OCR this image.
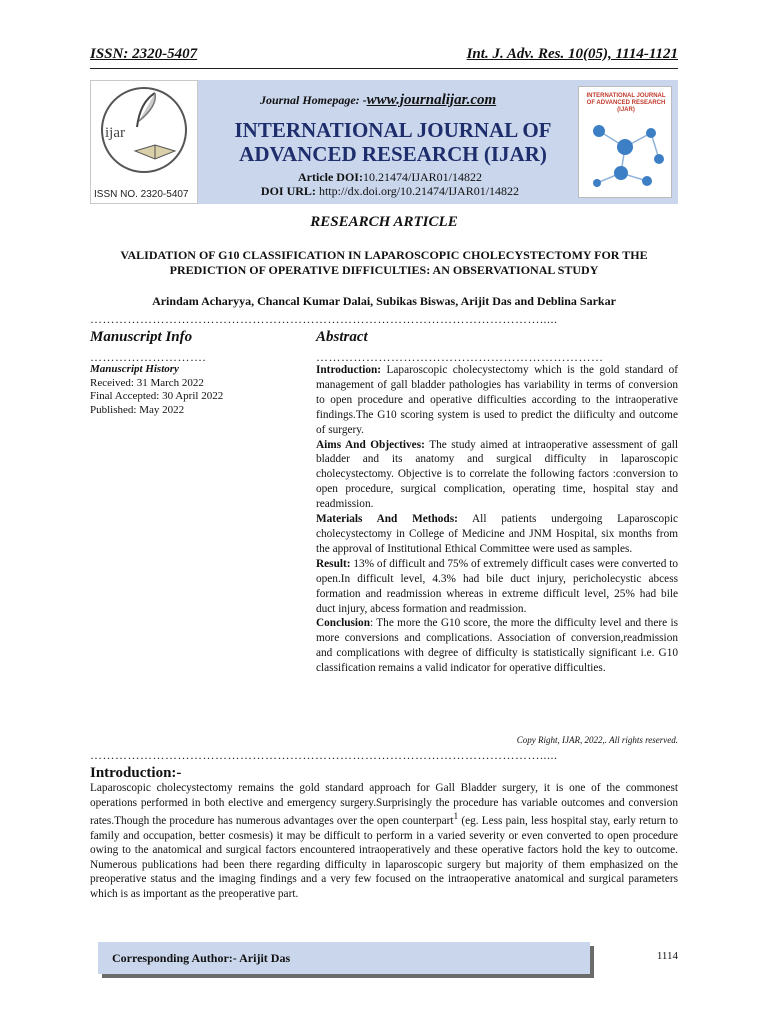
ISSN: 2320-5407	Int. J. Adv. Res. 10(05), 1114-1121
ijar
ISSN NO. 2320-5407
Journal Homepage: -www.journalijar.com
INTERNATIONAL JOURNAL OF ADVANCED RESEARCH (IJAR)
Article DOI:10.21474/IJAR01/14822
DOI URL: http://dx.doi.org/10.21474/IJAR01/14822
INTERNATIONAL JOURNAL OF ADVANCED RESEARCH (IJAR)
RESEARCH ARTICLE
VALIDATION OF G10 CLASSIFICATION IN LAPAROSCOPIC CHOLECYSTECTOMY FOR THE PREDICTION OF OPERATIVE DIFFICULTIES: AN OBSERVATIONAL STUDY
Arindam Acharyya, Chancal Kumar Dalai, Subikas Biswas, Arijit Das and Deblina Sarkar
……………………………………………………………………………………………….....
Manuscript Info
……………………….
Manuscript History
Received: 31 March 2022
Final Accepted: 30 April 2022
Published: May 2022
Abstract
……………………………………………………………

Introduction: Laparoscopic cholecystectomy which is the gold standard of management of gall bladder pathologies has variability in terms of conversion to open procedure and operative difficulties according to the intraoperative findings.The G10 scoring system is used to predict the diificulty and outcome of surgery.

Aims And Objectives: The study aimed at intraoperative assessment of gall bladder and its anatomy and surgical difficulty in laparoscopic cholecystectomy. Objective is to correlate the following factors :conversion to open procedure, surgical complication, operating time, hospital stay and readmission.

Materials And Methods: All patients undergoing Laparoscopic cholecystectomy in College of Medicine and JNM Hospital, six months from the approval of Institutional Ethical Committee were used as samples.

Result: 13% of difficult and 75% of extremely difficult cases were converted to open.In difficult level, 4.3% had bile duct injury, pericholecystic abcess formation and readmission whereas in extreme difficult level, 25% had bile duct injury, abcess formation and readmission.

Conclusion: The more the G10 score, the more the difficulty level and there is more conversions and complications. Association of conversion,readmission and complications with degree of difficulty is statistically significant i.e. G10 classification remains a valid indicator for operative difficulties.

Copy Right, IJAR, 2022,. All rights reserved.
……………………………………………………………………………………………….....
Introduction:-

Laparoscopic cholecystectomy remains the gold standard approach for Gall Bladder surgery, it is one of the commonest operations performed in both elective and emergency surgery.Surprisingly the procedure has variable outcomes and conversion rates.Though the procedure has numerous advantages over the open counterpart$^1$ (eg. Less pain, less hospital stay, early return to family and occupation, better cosmesis) it may be difficult to perform in a varied severity or even converted to open procedure owing to the anatomical and surgical factors encountered intraoperatively and these operative factors hold the key to outcome. Numerous publications had been there regarding difficulty in laparoscopic surgery but majority of them emphasized on the preoperative status and the imaging findings and a very few focused on the intraoperative anatomical and surgical parameters which is as important as the preoperative part.

Corresponding Author:- Arijit Das	1114
